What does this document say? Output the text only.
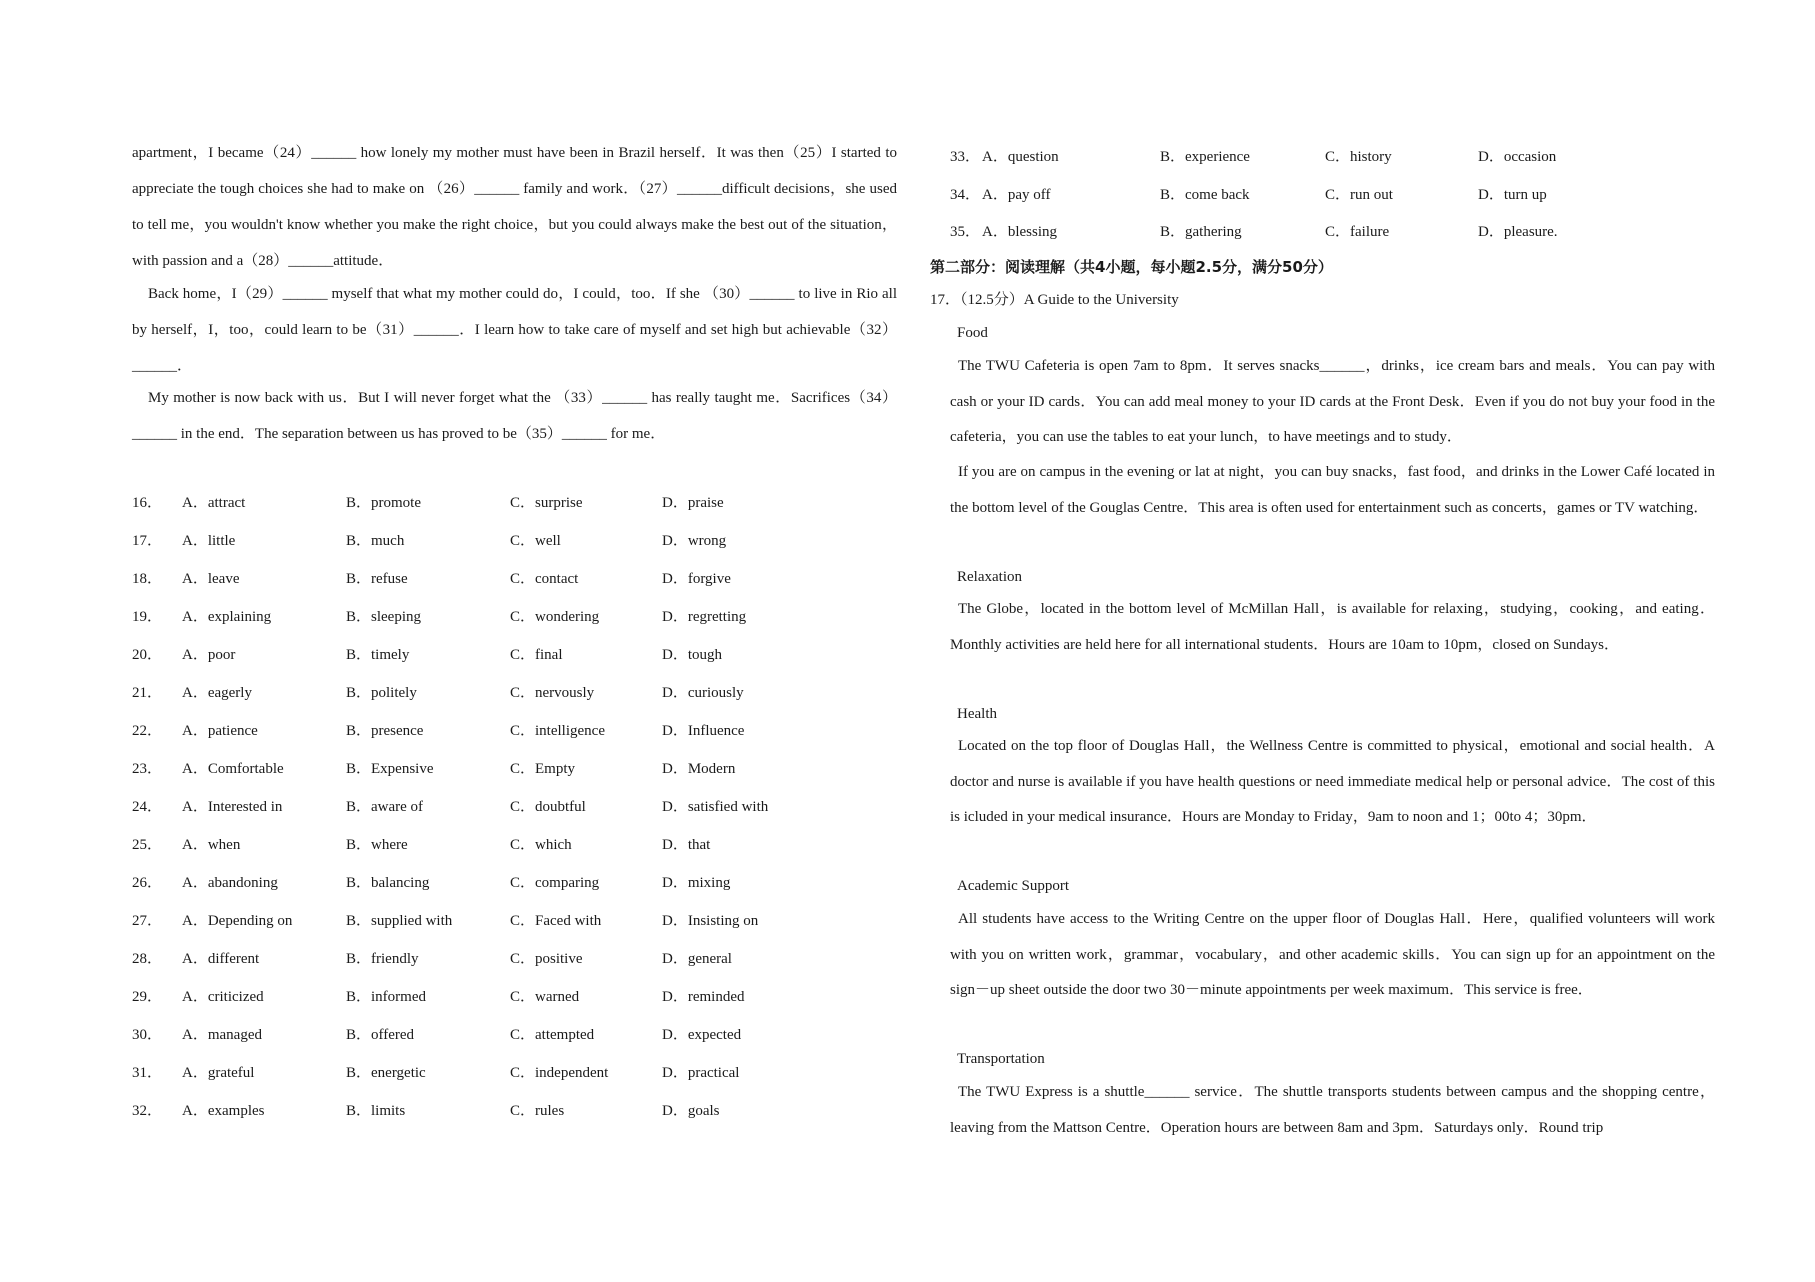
apartment，I became（24）______ how lonely my mother must have been in Brazil herself．It was then（25）I started to appreciate the tough choices she had to make on （26）______ family and work．（27）______difficult decisions，she used to tell me，you wouldn't know whether you make the right choice，but you could always make the best out of the situation，with passion and a（28）______attitude．
Back home，I（29）______ myself that what my mother could do，I could，too．If she （30）______ to live in Rio all by herself，I，too，could learn to be（31）______．I learn how to take care of myself and set high but achievable（32）______．
My mother is now back with us．But I will never forget what the （33）______ has really taught me．Sacrifices（34）______ in the end．The separation between us has proved to be（35）______ for me．
16． A．attract	B．promote	C．surprise	D．praise
17． A．little	B．much	C．well	D．wrong
18． A．leave	B．refuse	C．contact	D．forgive
19． A．explaining	B．sleeping	C．wondering	D．regretting
20． A．poor	B．timely	C．final	D．tough
21． A．eagerly	B．politely	C．nervously	D．curiously
22． A．patience	B．presence	C．intelligence	D．Influence
23． A．Comfortable	B．Expensive	C．Empty	D．Modern
24． A．Interested in	B．aware of	C．doubtful	D．satisfied with
25． A．when	B．where	C．which	D．that
26． A．abandoning	B．balancing	C．comparing	D．mixing
27． A．Depending on	B．supplied with	C．Faced with	D．Insisting on
28． A．different	B．friendly	C．positive	D．general
29． A．criticized	B．informed	C．warned	D．reminded
30． A．managed	B．offered	C．attempted	D．expected
31． A．grateful	B．energetic	C．independent	D．practical
32． A．examples	B．limits	C．rules	D．goals
33． A．question	B．experience	C．history	D．occasion
34． A．pay off	B．come back	C．run out	D．turn up
35． A．blessing	B．gathering	C．failure	D．pleasure.
第二部分：阅读理解（共4小题，每小题2.5分，满分50分）
17．（12.5分）A Guide to the University
Food
The TWU Cafeteria is open 7am to 8pm．It serves snacks______，drinks，ice cream bars and meals．You can pay with cash or your ID cards．You can add meal money to your ID cards at the Front Desk．Even if you do not buy your food in the cafeteria，you can use the tables to eat your lunch，to have meetings and to study．
If you are on campus in the evening or lat at night，you can buy snacks，fast food，and drinks in the Lower Café located in the bottom level of the Gouglas Centre．This area is often used for entertainment such as concerts，games or TV watching．
Relaxation
The Globe，located in the bottom level of McMillan Hall，is available for relaxing，studying，cooking，and eating．Monthly activities are held here for all international students．Hours are 10am to 10pm，closed on Sundays．
Health
Located on the top floor of Douglas Hall，the Wellness Centre is committed to physical，emotional and social health．A doctor and nurse is available if you have health questions or need immediate medical help or personal advice．The cost of this is icluded in your medical insurance．Hours are Monday to Friday，9am to noon and 1；00to 4；30pm．
Academic Support
All students have access to the Writing Centre on the upper floor of Douglas Hall．Here，qualified volunteers will work with you on written work，grammar，vocabulary，and other academic skills．You can sign up for an appointment on the sign－up sheet outside the door two 30－minute appointments per week maximum．This service is free．
Transportation
The TWU Express is a shuttle______ service．The shuttle transports students between campus and the shopping centre，leaving from the Mattson Centre．Operation hours are between 8am and 3pm．Saturdays only．Round trip
